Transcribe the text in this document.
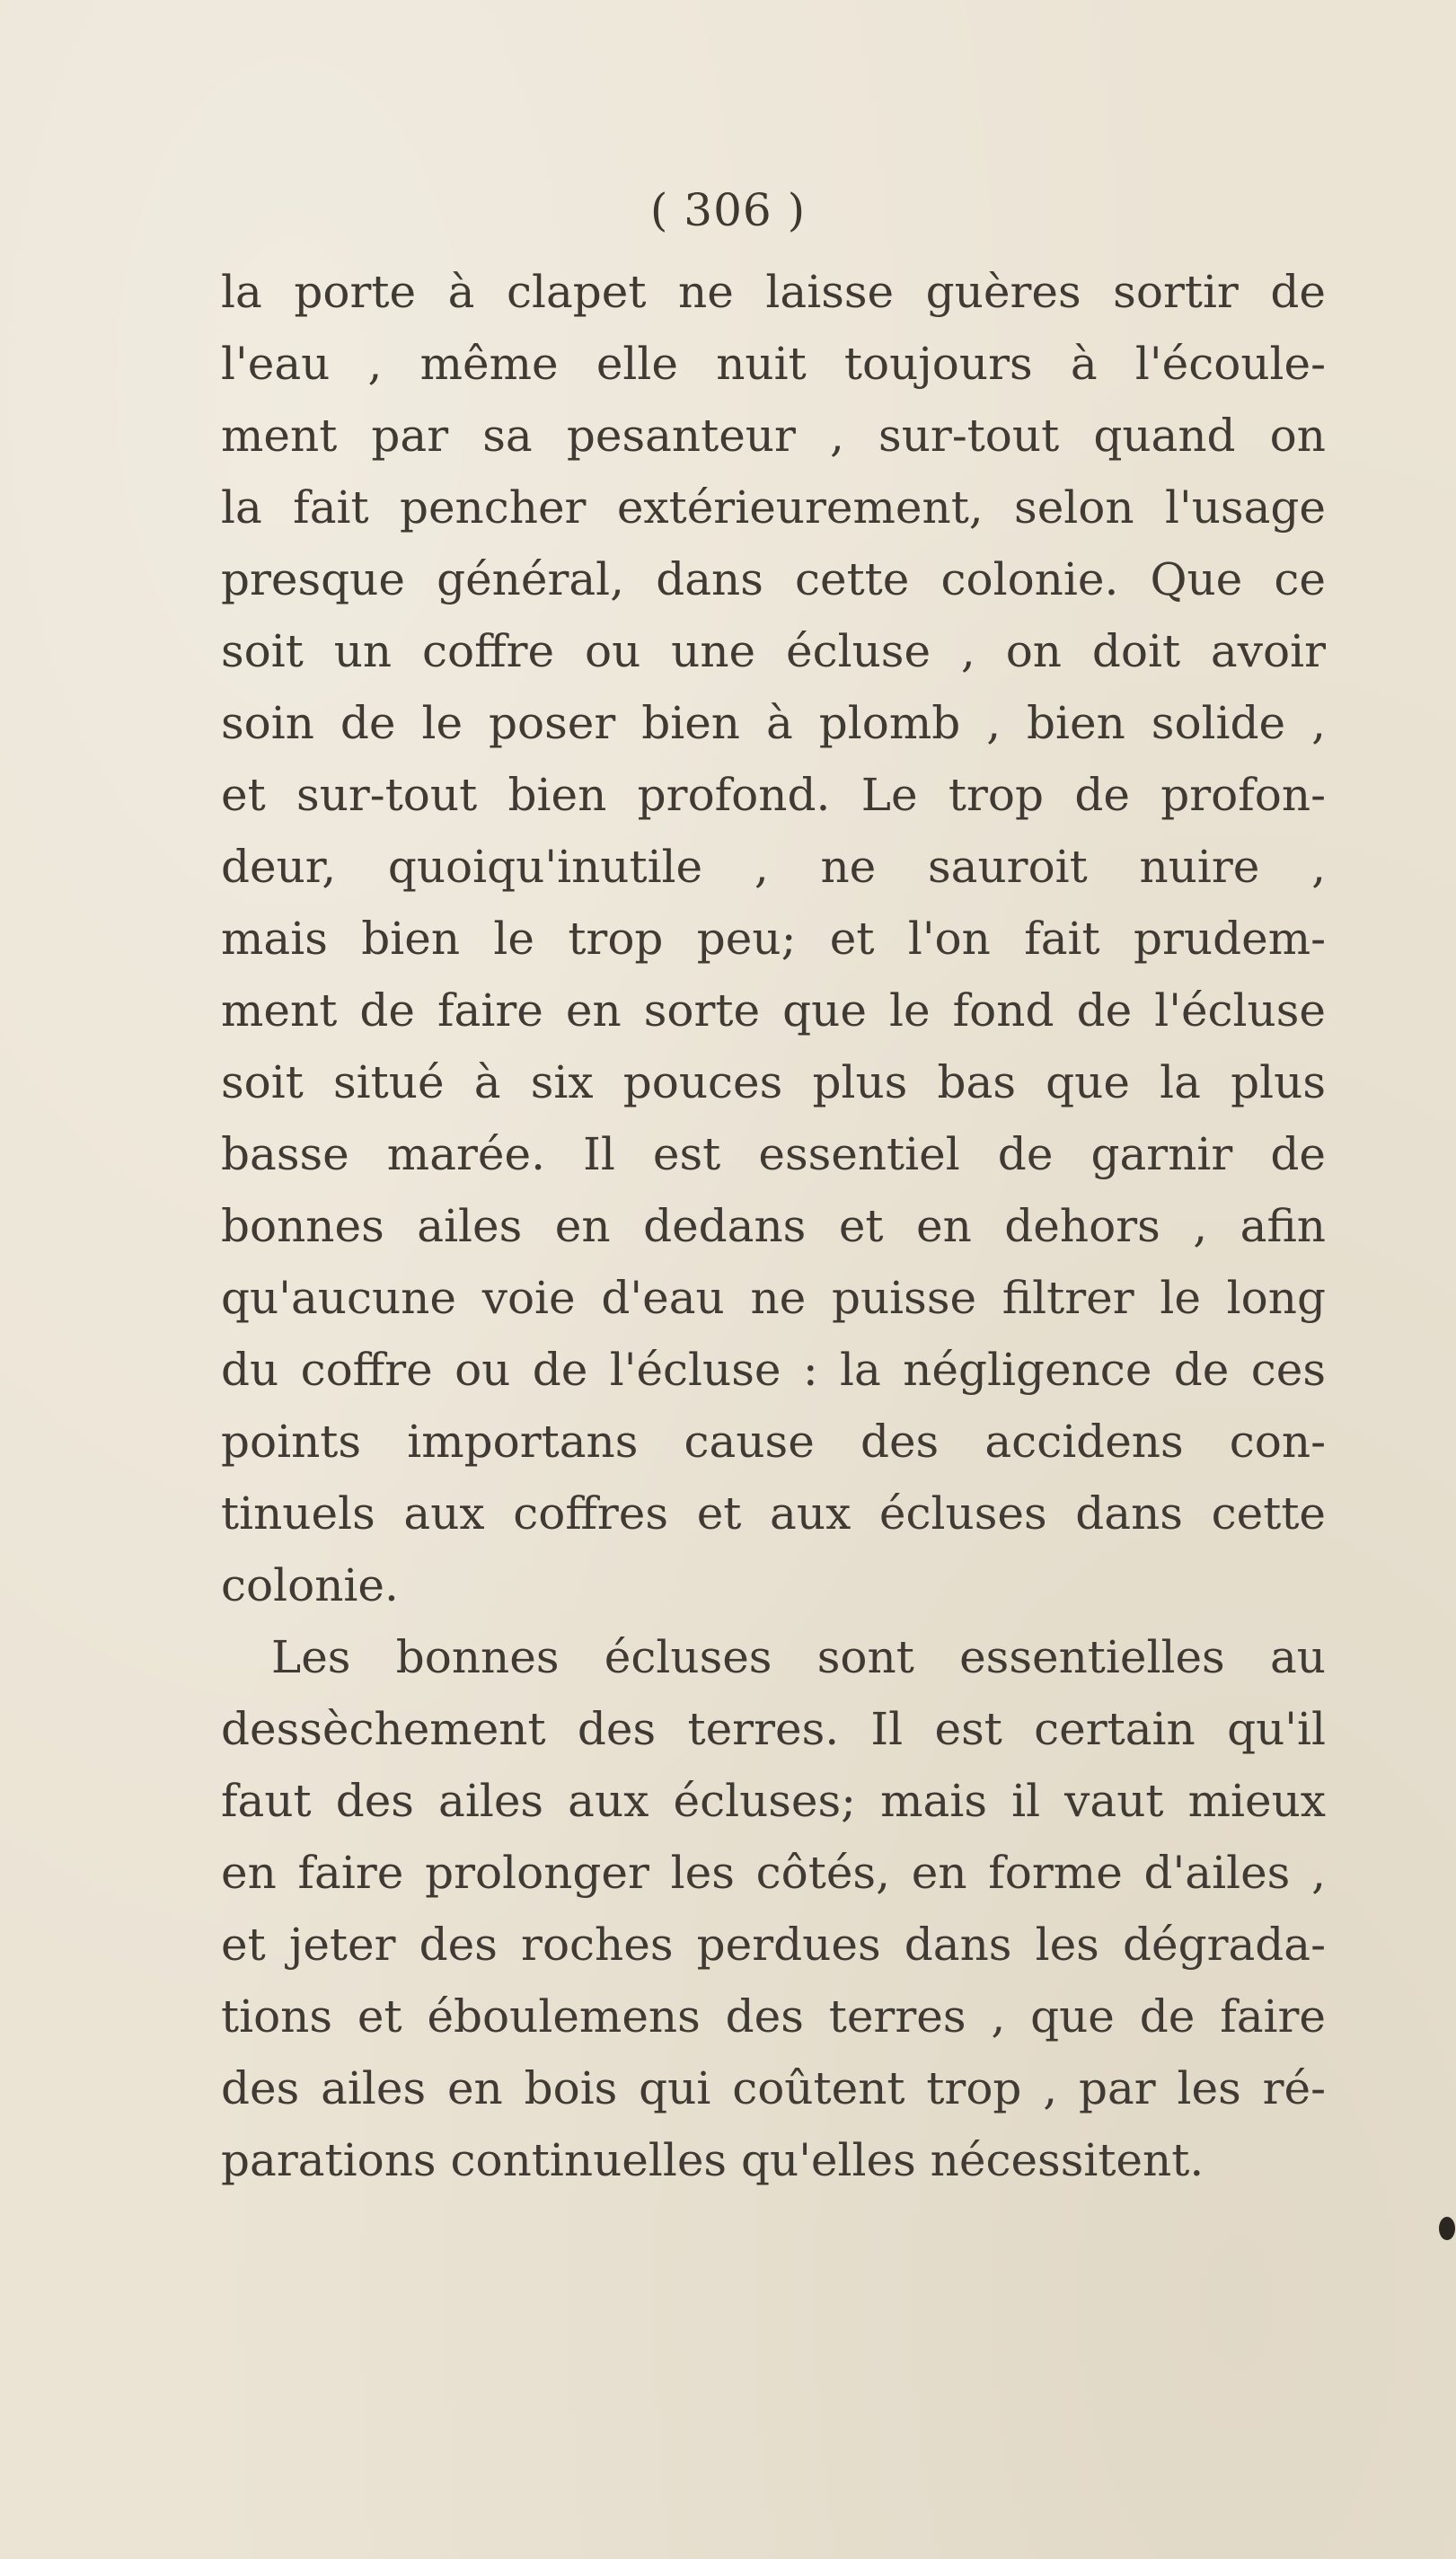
( 306 )
la porte à clapet ne laisse guères sortir de
l'eau , même elle nuit toujours à l'écoule-
ment par sa pesanteur , sur-tout quand on
la fait pencher extérieurement, selon l'usage
presque général, dans cette colonie. Que ce
soit un coffre ou une écluse , on doit avoir
soin de le poser bien à plomb , bien solide ,
et sur-tout bien profond. Le trop de profon-
deur, quoiqu'inutile , ne sauroit nuire ,
mais bien le trop peu; et l'on fait prudem-
ment de faire en sorte que le fond de l'écluse
soit situé à six pouces plus bas que la plus
basse marée. Il est essentiel de garnir de
bonnes ailes en dedans et en dehors , afin
qu'aucune voie d'eau ne puisse filtrer le long
du coffre ou de l'écluse : la négligence de ces
points importans cause des accidens con-
tinuels aux coffres et aux écluses dans cette
colonie.
Les bonnes écluses sont essentielles au
dessèchement des terres. Il est certain qu'il
faut des ailes aux écluses; mais il vaut mieux
en faire prolonger les côtés, en forme d'ailes ,
et jeter des roches perdues dans les dégrada-
tions et éboulemens des terres , que de faire
des ailes en bois qui coûtent trop , par les ré-
parations continuelles qu'elles nécessitent.
